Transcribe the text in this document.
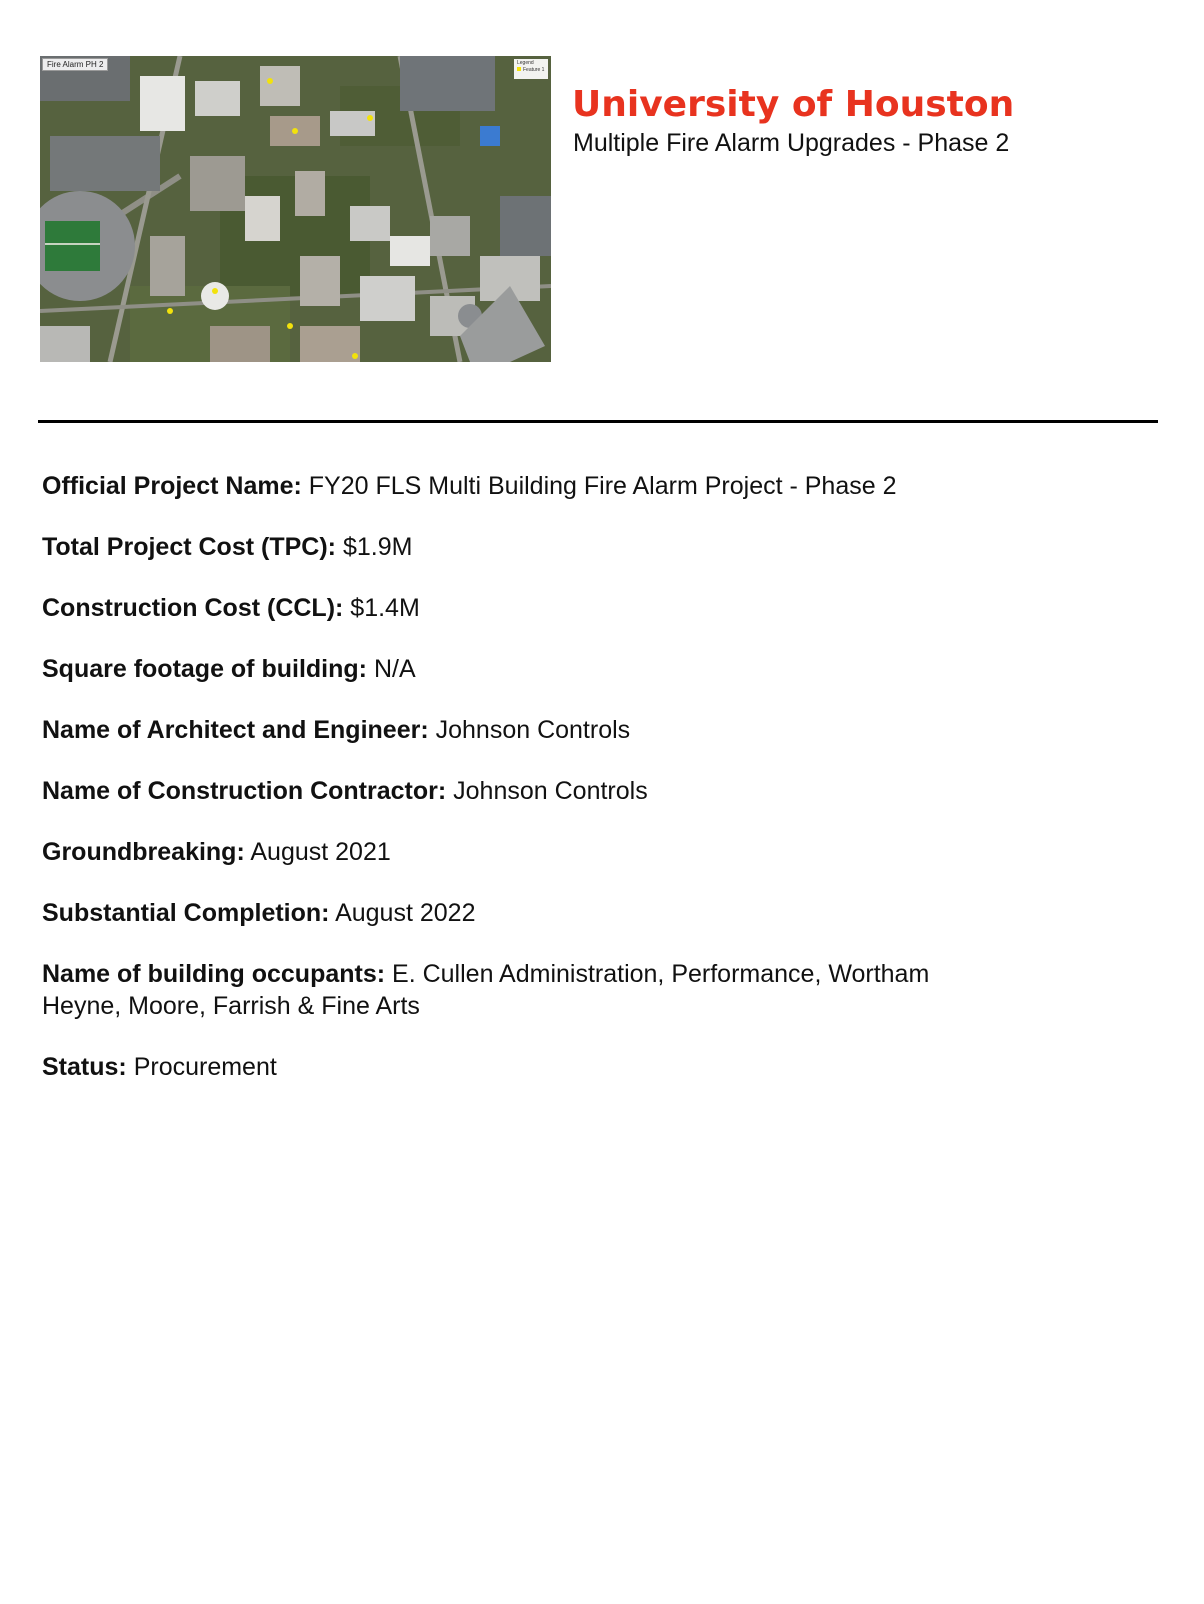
Fire Alarm PH 2	Legend
Feature 1
University of Houston

Multiple Fire Alarm Upgrades - Phase 2

Official Project Name: FY20 FLS Multi Building Fire Alarm Project - Phase 2

Total Project Cost (TPC): $1.9M

Construction Cost (CCL): $1.4M

Square footage of building: N/A

Name of Architect and Engineer: Johnson Controls

Name of Construction Contractor: Johnson Controls

Groundbreaking: August 2021

Substantial Completion: August 2022

Name of building occupants: E. Cullen Administration, Performance, Wortham
Heyne, Moore, Farrish & Fine Arts

Status: Procurement
